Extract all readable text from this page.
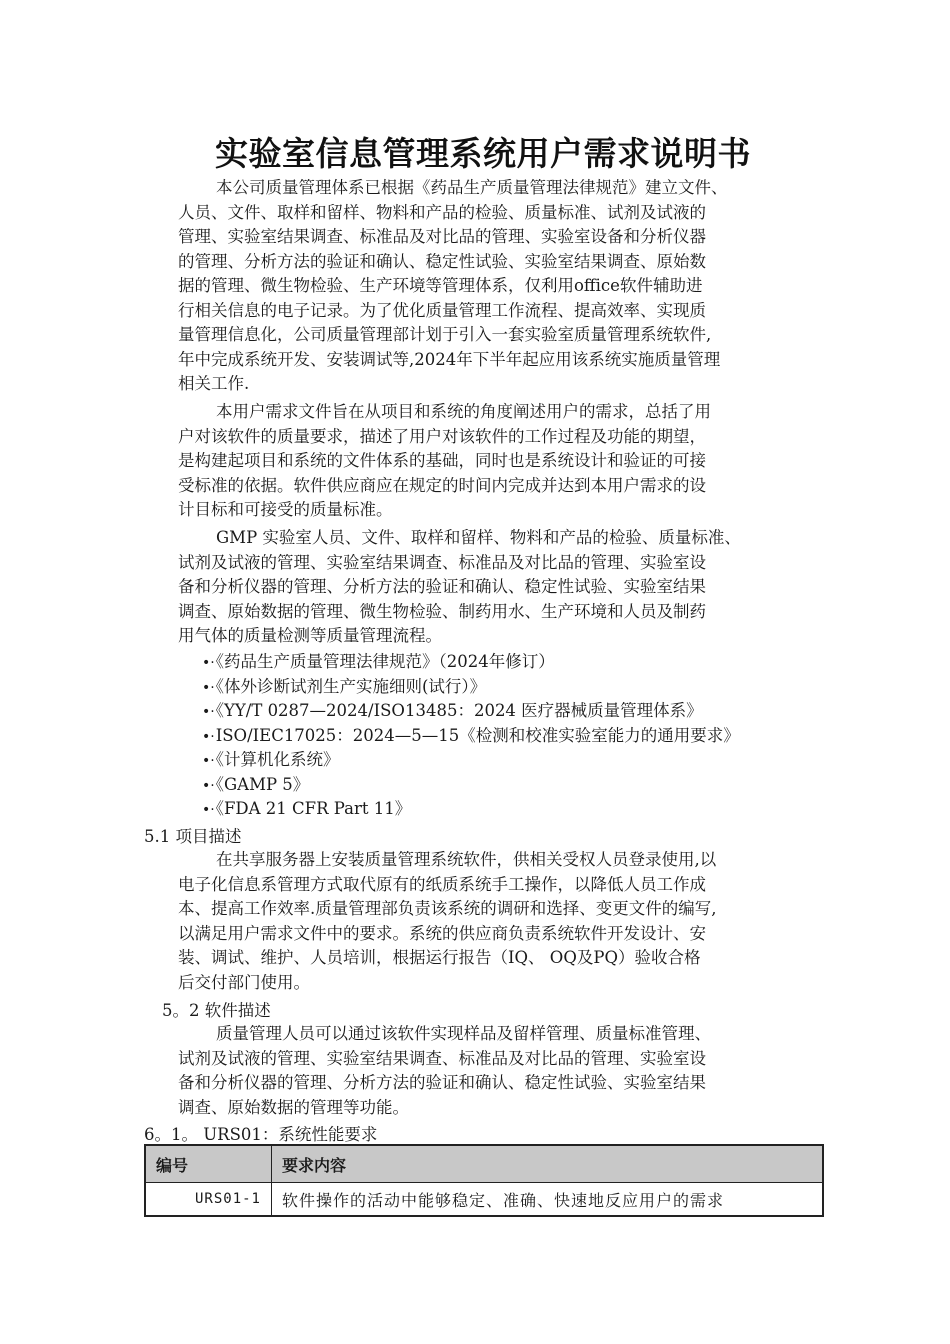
实验室信息管理系统用户需求说明书
本公司质量管理体系已根据《药品生产质量管理法律规范》建立文件、
人员、文件、取样和留样、物料和产品的检验、质量标准、试剂及试液的
管理、实验室结果调查、标准品及对比品的管理、实验室设备和分析仪器
的管理、分析方法的验证和确认、稳定性试验、实验室结果调查、原始数
据的管理、微生物检验、生产环境等管理体系，仅利用office软件辅助进
行相关信息的电子记录。为了优化质量管理工作流程、提高效率、实现质
量管理信息化，公司质量管理部计划于引入一套实验室质量管理系统软件,
年中完成系统开发、安装调试等,2024年下半年起应用该系统实施质量管理
相关工作.
本用户需求文件旨在从项目和系统的角度阐述用户的需求，总括了用
户对该软件的质量要求，描述了用户对该软件的工作过程及功能的期望，
是构建起项目和系统的文件体系的基础，同时也是系统设计和验证的可接
受标准的依据。软件供应商应在规定的时间内完成并达到本用户需求的设
计目标和可接受的质量标准。
GMP 实验室人员、文件、取样和留样、物料和产品的检验、质量标准、
试剂及试液的管理、实验室结果调查、标准品及对比品的管理、实验室设
备和分析仪器的管理、分析方法的验证和确认、稳定性试验、实验室结果
调查、原始数据的管理、微生物检验、制药用水、生产环境和人员及制药
用气体的质量检测等质量管理流程。
•·《药品生产质量管理法律规范》（2024年修订）
•·《体外诊断试剂生产实施细则(试行）》
•·《YY/T 0287—2024/ISO13485：2024 医疗器械质量管理体系》
•·ISO/IEC17025：2024—5—15《检测和校准实验室能力的通用要求》
•·《计算机化系统》
•·《GAMP 5》
•·《FDA 21 CFR Part 11》

5.1 项目描述

在共享服务器上安装质量管理系统软件，供相关受权人员登录使用,以
电子化信息系管理方式取代原有的纸质系统手工操作，以降低人员工作成
本、提高工作效率.质量管理部负责该系统的调研和选择、变更文件的编写,
以满足用户需求文件中的要求。系统的供应商负责系统软件开发设计、安
装、调试、维护、人员培训，根据运行报告（IQ、 OQ及PQ）验收合格
后交付部门使用。

5。2 软件描述

质量管理人员可以通过该软件实现样品及留样管理、质量标准管理、
试剂及试液的管理、实验室结果调查、标准品及对比品的管理、实验室设
备和分析仪器的管理、分析方法的验证和确认、稳定性试验、实验室结果
调查、原始数据的管理等功能。

6。1。 URS01：系统性能要求

编号	要求内容
URS01-1	软件操作的活动中能够稳定、准确、快速地反应用户的需求
